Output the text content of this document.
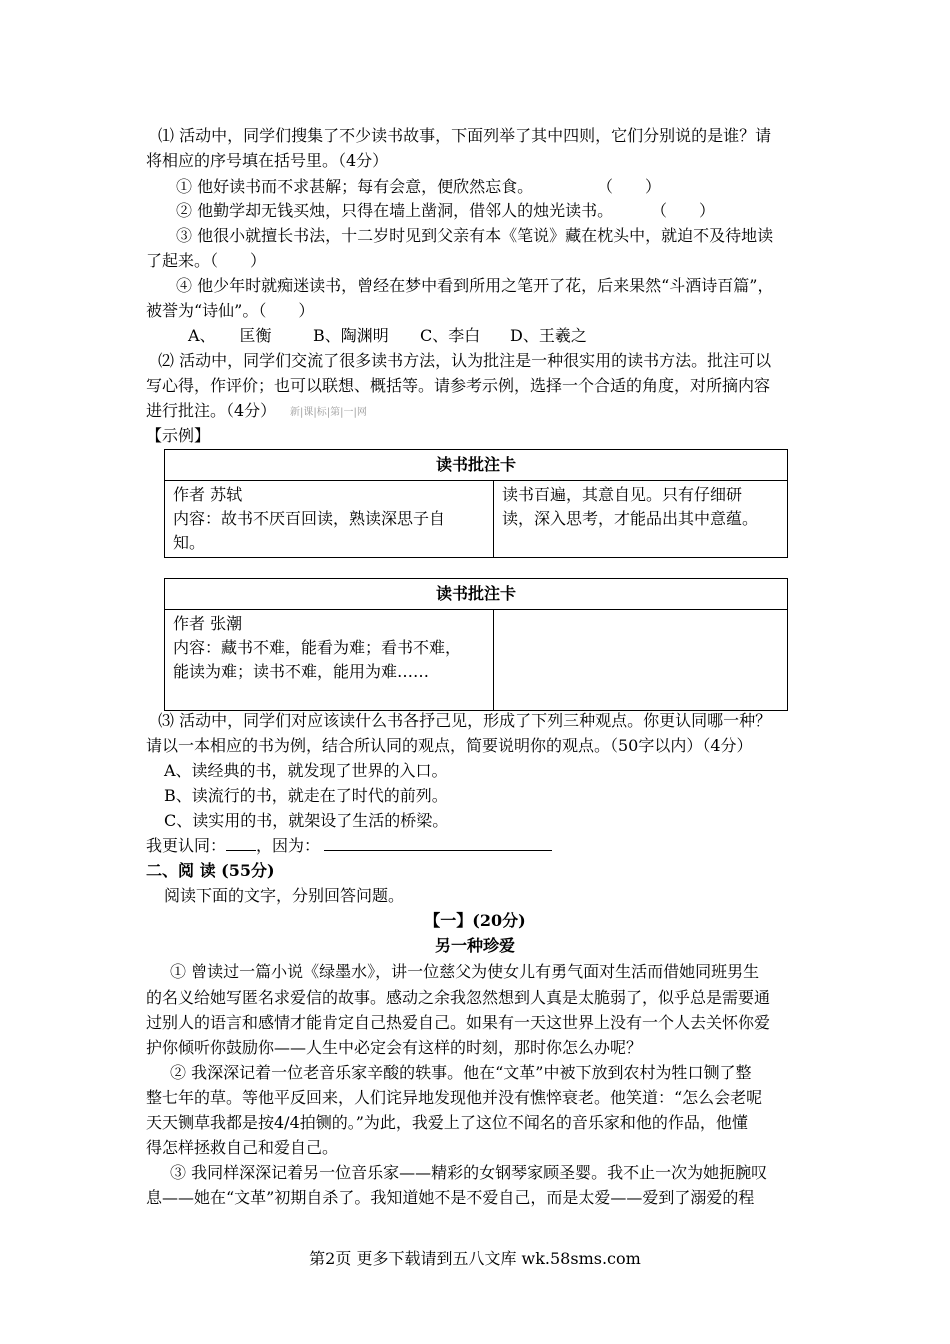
⑴ 活动中，同学们搜集了不少读书故事，下面列举了其中四则，它们分别说的是谁？请
将相应的序号填在括号里。（4分）
① 他好读书而不求甚解；每有会意，便欣然忘食。	（　　）
② 他勤学却无钱买烛，只得在墙上凿洞，借邻人的烛光读书。 （　　）
③ 他很小就擅长书法，十二岁时见到父亲有本《笔说》藏在枕头中，就迫不及待地读
了起来。（　　）
④ 他少年时就痴迷读书，曾经在梦中看到所用之笔开了花，后来果然“斗酒诗百篇”，
被誉为“诗仙”。（　　）
A、　　匡衡	B、陶渊明 C、李白 D、王羲之
⑵ 活动中，同学们交流了很多读书方法，认为批注是一种很实用的读书方法。批注可以
写心得，作评价；也可以联想、概括等。请参考示例，选择一个合适的角度，对所摘内容
进行批注。（4分） 新|课|标|第|一|网
【示例】
读书批注卡

作者 苏轼
内容：故书不厌百回读，熟读深思子自
知。

读书百遍，其意自见。只有仔细研
读，深入思考，才能品出其中意蕴。
读书批注卡

作者 张潮
内容：藏书不难，能看为难；看书不难，
能读为难；读书不难，能用为难……

⑶ 活动中，同学们对应该读什么书各抒己见，形成了下列三种观点。你更认同哪一种？
请以一本相应的书为例，结合所认同的观点，简要说明你的观点。（50字以内）（4分）
A、读经典的书，就发现了世界的入口。
B、读流行的书，就走在了时代的前列。
C、读实用的书，就架设了生活的桥梁。
我更认同： ，因为：
二、阅 读 (55分)
阅读下面的文字，分别回答问题。
【一】(20分)
另一种珍爱
① 曾读过一篇小说《绿墨水》，讲一位慈父为使女儿有勇气面对生活而借她同班男生
的名义给她写匿名求爱信的故事。感动之余我忽然想到人真是太脆弱了，似乎总是需要通
过别人的语言和感情才能肯定自己热爱自己。如果有一天这世界上没有一个人去关怀你爱
护你倾听你鼓励你——人生中必定会有这样的时刻，那时你怎么办呢？
② 我深深记着一位老音乐家辛酸的轶事。他在“文革”中被下放到农村为牲口铡了整
整七年的草。等他平反回来，人们诧异地发现他并没有憔悴衰老。他笑道：“怎么会老呢
天天铡草我都是按4/4拍铡的。”为此，我爱上了这位不闻名的音乐家和他的作品，他懂
得怎样拯救自己和爱自己。
③ 我同样深深记着另一位音乐家——精彩的女钢琴家顾圣婴。我不止一次为她扼腕叹
息——她在“文革”初期自杀了。我知道她不是不爱自己，而是太爱——爱到了溺爱的程
第2页 更多下载请到五八文库 wk.58sms.com
